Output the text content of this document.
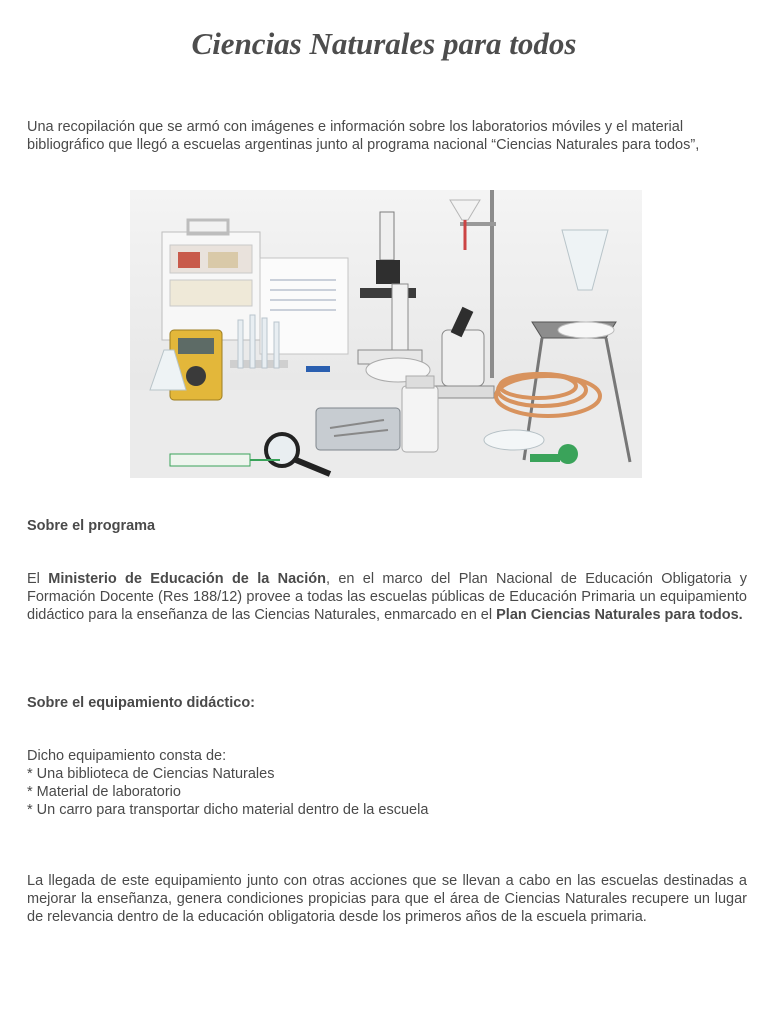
Ciencias Naturales para todos

Una recopilación que se armó con imágenes e información sobre los laboratorios móviles y el material bibliográfico que llegó a escuelas argentinas junto al programa nacional “Ciencias Naturales para todos”,

Sobre el programa

El Ministerio de Educación de la Nación, en el marco del Plan Nacional de Educación Obligatoria y Formación Docente (Res 188/12) provee a todas las escuelas públicas de Educación Primaria un equipamiento didáctico para la enseñanza de las Ciencias Naturales, enmarcado en el Plan Ciencias Naturales para todos.

Sobre el equipamiento didáctico:

Dicho equipamiento consta de:
* Una biblioteca de Ciencias Naturales
* Material de laboratorio
* Un carro para transportar dicho material dentro de la escuela

La llegada de este equipamiento junto con otras acciones que se llevan a cabo en las escuelas destinadas a mejorar la enseñanza, genera condiciones propicias para que el área de Ciencias Naturales recupere un lugar de relevancia dentro de la educación obligatoria desde los primeros años de la escuela primaria.
